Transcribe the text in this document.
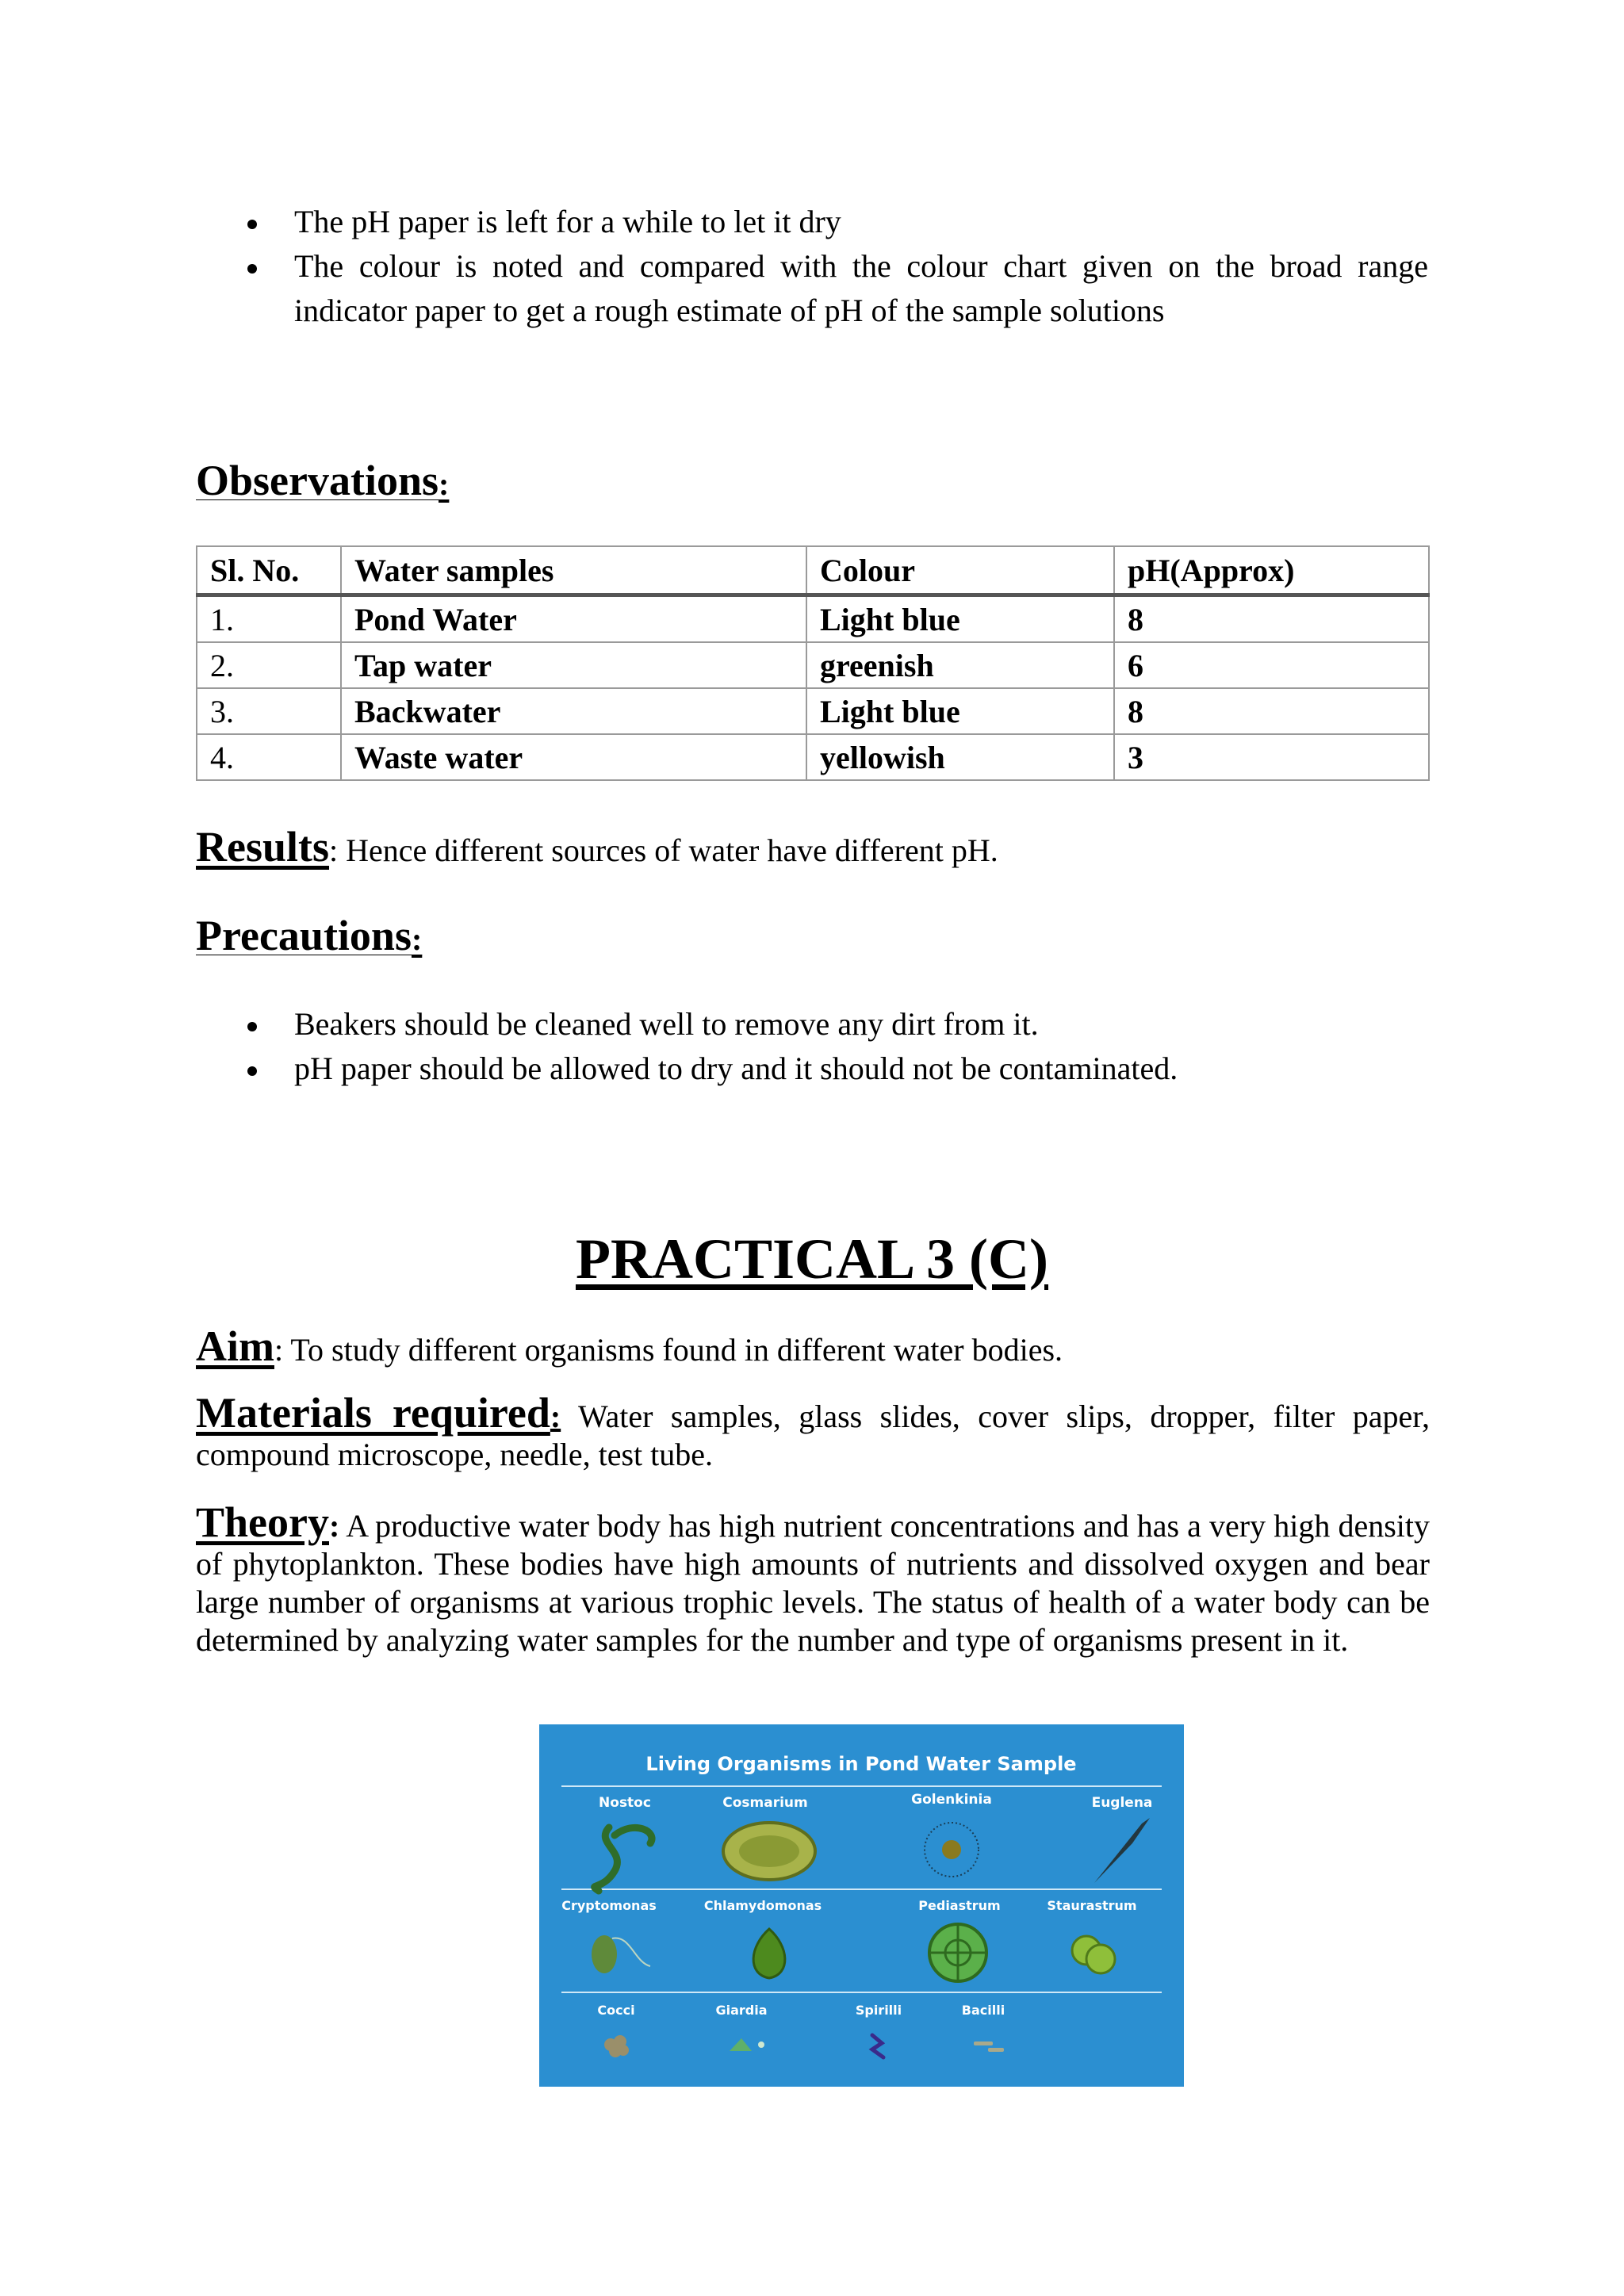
The pH paper is left for a while to let it dry
The colour is noted and compared with the colour chart given on the broad range indicator paper to get a rough estimate of pH of the sample solutions
Observations:
Sl. No.	Water samples	Colour	pH(Approx)
1.	Pond Water	Light blue	8
2.	Tap water	greenish	6
3.	Backwater	Light blue	8
4.	Waste water	yellowish	3
Results: Hence different sources of water have different pH.
Precautions:
Beakers should be cleaned well to remove any dirt from it.
pH paper should be allowed to dry and it should not be contaminated.
PRACTICAL 3 (C)
Aim: To study different organisms found in different water bodies.
Materials required: Water samples, glass slides, cover slips, dropper, filter paper, compound microscope, needle, test tube.
Theory: A productive water body has high nutrient concentrations and has a very high density of phytoplankton. These bodies have high amounts of nutrients and dissolved oxygen and bear large number of organisms at various trophic levels. The status of health of a water body can be determined by analyzing water samples for the number and type of organisms present in it.
Living Organisms in Pond Water Sample
Nostoc	Cosmarium	Golenkinia	Euglena
Cryptomonas	Chlamydomonas	Pediastrum	Staurastrum
Cocci	Giardia	Spirilli	Bacilli
